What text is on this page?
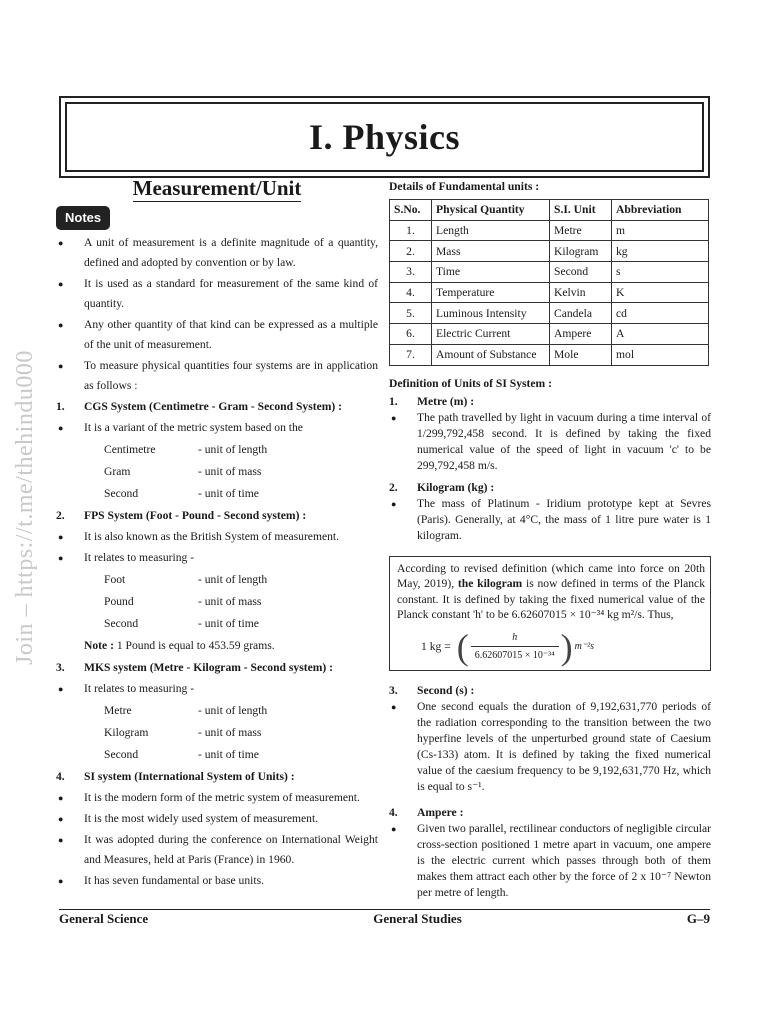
Join – https://t.me/thehindu000
I. Physics
Measurement/Unit
Notes
●	A unit of measurement is a definite magnitude of a quantity, defined and adopted by convention or by law.
●	It is used as a standard for measurement of the same kind of quantity.
●	Any other quantity of that kind can be expressed as a multiple of the unit of measurement.
●	To measure physical quantities four systems are in application as follows :
1.	CGS System (Centimetre - Gram - Second System) :
●	It is a variant of the metric system based on the
Centimetre	- unit of length
Gram	- unit of mass
Second	- unit of time
2.	FPS System (Foot - Pound - Second system) :
●	It is also known as the British System of measurement.
●	It relates to measuring -
Foot	- unit of length
Pound	- unit of mass
Second	- unit of time
Note : 1 Pound is equal to 453.59 grams.
3.	MKS system (Metre - Kilogram - Second system) :
●	It relates to measuring -
Metre	- unit of length
Kilogram	- unit of mass
Second	- unit of time
4.	SI system (International System of Units) :
●	It is the modern form of the metric system of measurement.
●	It is the most widely used system of measurement.
●	It was adopted during the conference on International Weight and Measures, held at Paris (France) in 1960.
●	It has seven fundamental or base units.
Details of Fundamental units :
S.No.	Physical Quantity	S.I. Unit	Abbreviation
1.	Length	Metre	m
2.	Mass	Kilogram	kg
3.	Time	Second	s
4.	Temperature	Kelvin	K
5.	Luminous Intensity	Candela	cd
6.	Electric Current	Ampere	A
7.	Amount of Substance	Mole	mol
Definition of Units of SI System :
1.	Metre (m) :
●	The path travelled by light in vacuum during a time interval of 1/299,792,458 second. It is defined by taking the fixed numerical value of the speed of light in vacuum 'c' to be 299,792,458 m/s.
2.	Kilogram (kg) :
●	The mass of Platinum - Iridium prototype kept at Sevres (Paris). Generally, at 4°C, the mass of 1 litre pure water is 1 kilogram.
According to revised definition (which came into force on 20th May, 2019), the kilogram is now defined in terms of the Planck constant. It is defined by taking the fixed numerical value of the Planck constant 'h' to be 6.62607015 × 10⁻³⁴ kg m²/s. Thus,
1 kg = ( $\frac{h}{\text{6.62607015 × 10⁻³⁴}}$ ) m⁻²s
3.	Second (s) :
●	One second equals the duration of 9,192,631,770 periods of the radiation corresponding to the transition between the two hyperfine levels of the unperturbed ground state of Caesium (Cs-133) atom. It is defined by taking the fixed numerical value of the caesium frequency to be 9,192,631,770 Hz, which is equal to s⁻¹.
4.	Ampere :
●	Given two parallel, rectilinear conductors of negligible circular cross-section positioned 1 metre apart in vacuum, one ampere is the electric current which passes through both of them makes them attract each other by the force of 2 x 10⁻⁷ Newton per metre of length.
General Science	General Studies	G–9
